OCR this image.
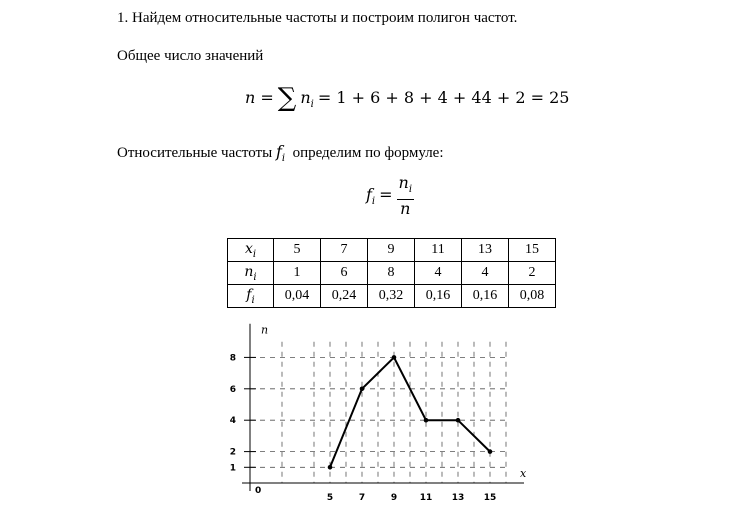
1. Найдем относительные частоты и построим полигон частот.
Общее число значений
n = ∑ $n_i = 1 + 6 + 8 + 4 + 44 + 2 = 25$
Относительные частоты $f_i$ определим по формуле:
$f_i = \frac{n_i}{n}$
$x_i$	5	7	9	11	13	15
$n_i$	1	6	8	4	4	2
$f_i$	0,04	0,24	0,32	0,16	0,16	0,08
n
x
0
1
2
4
6
8
5	7	9	11 13 15
